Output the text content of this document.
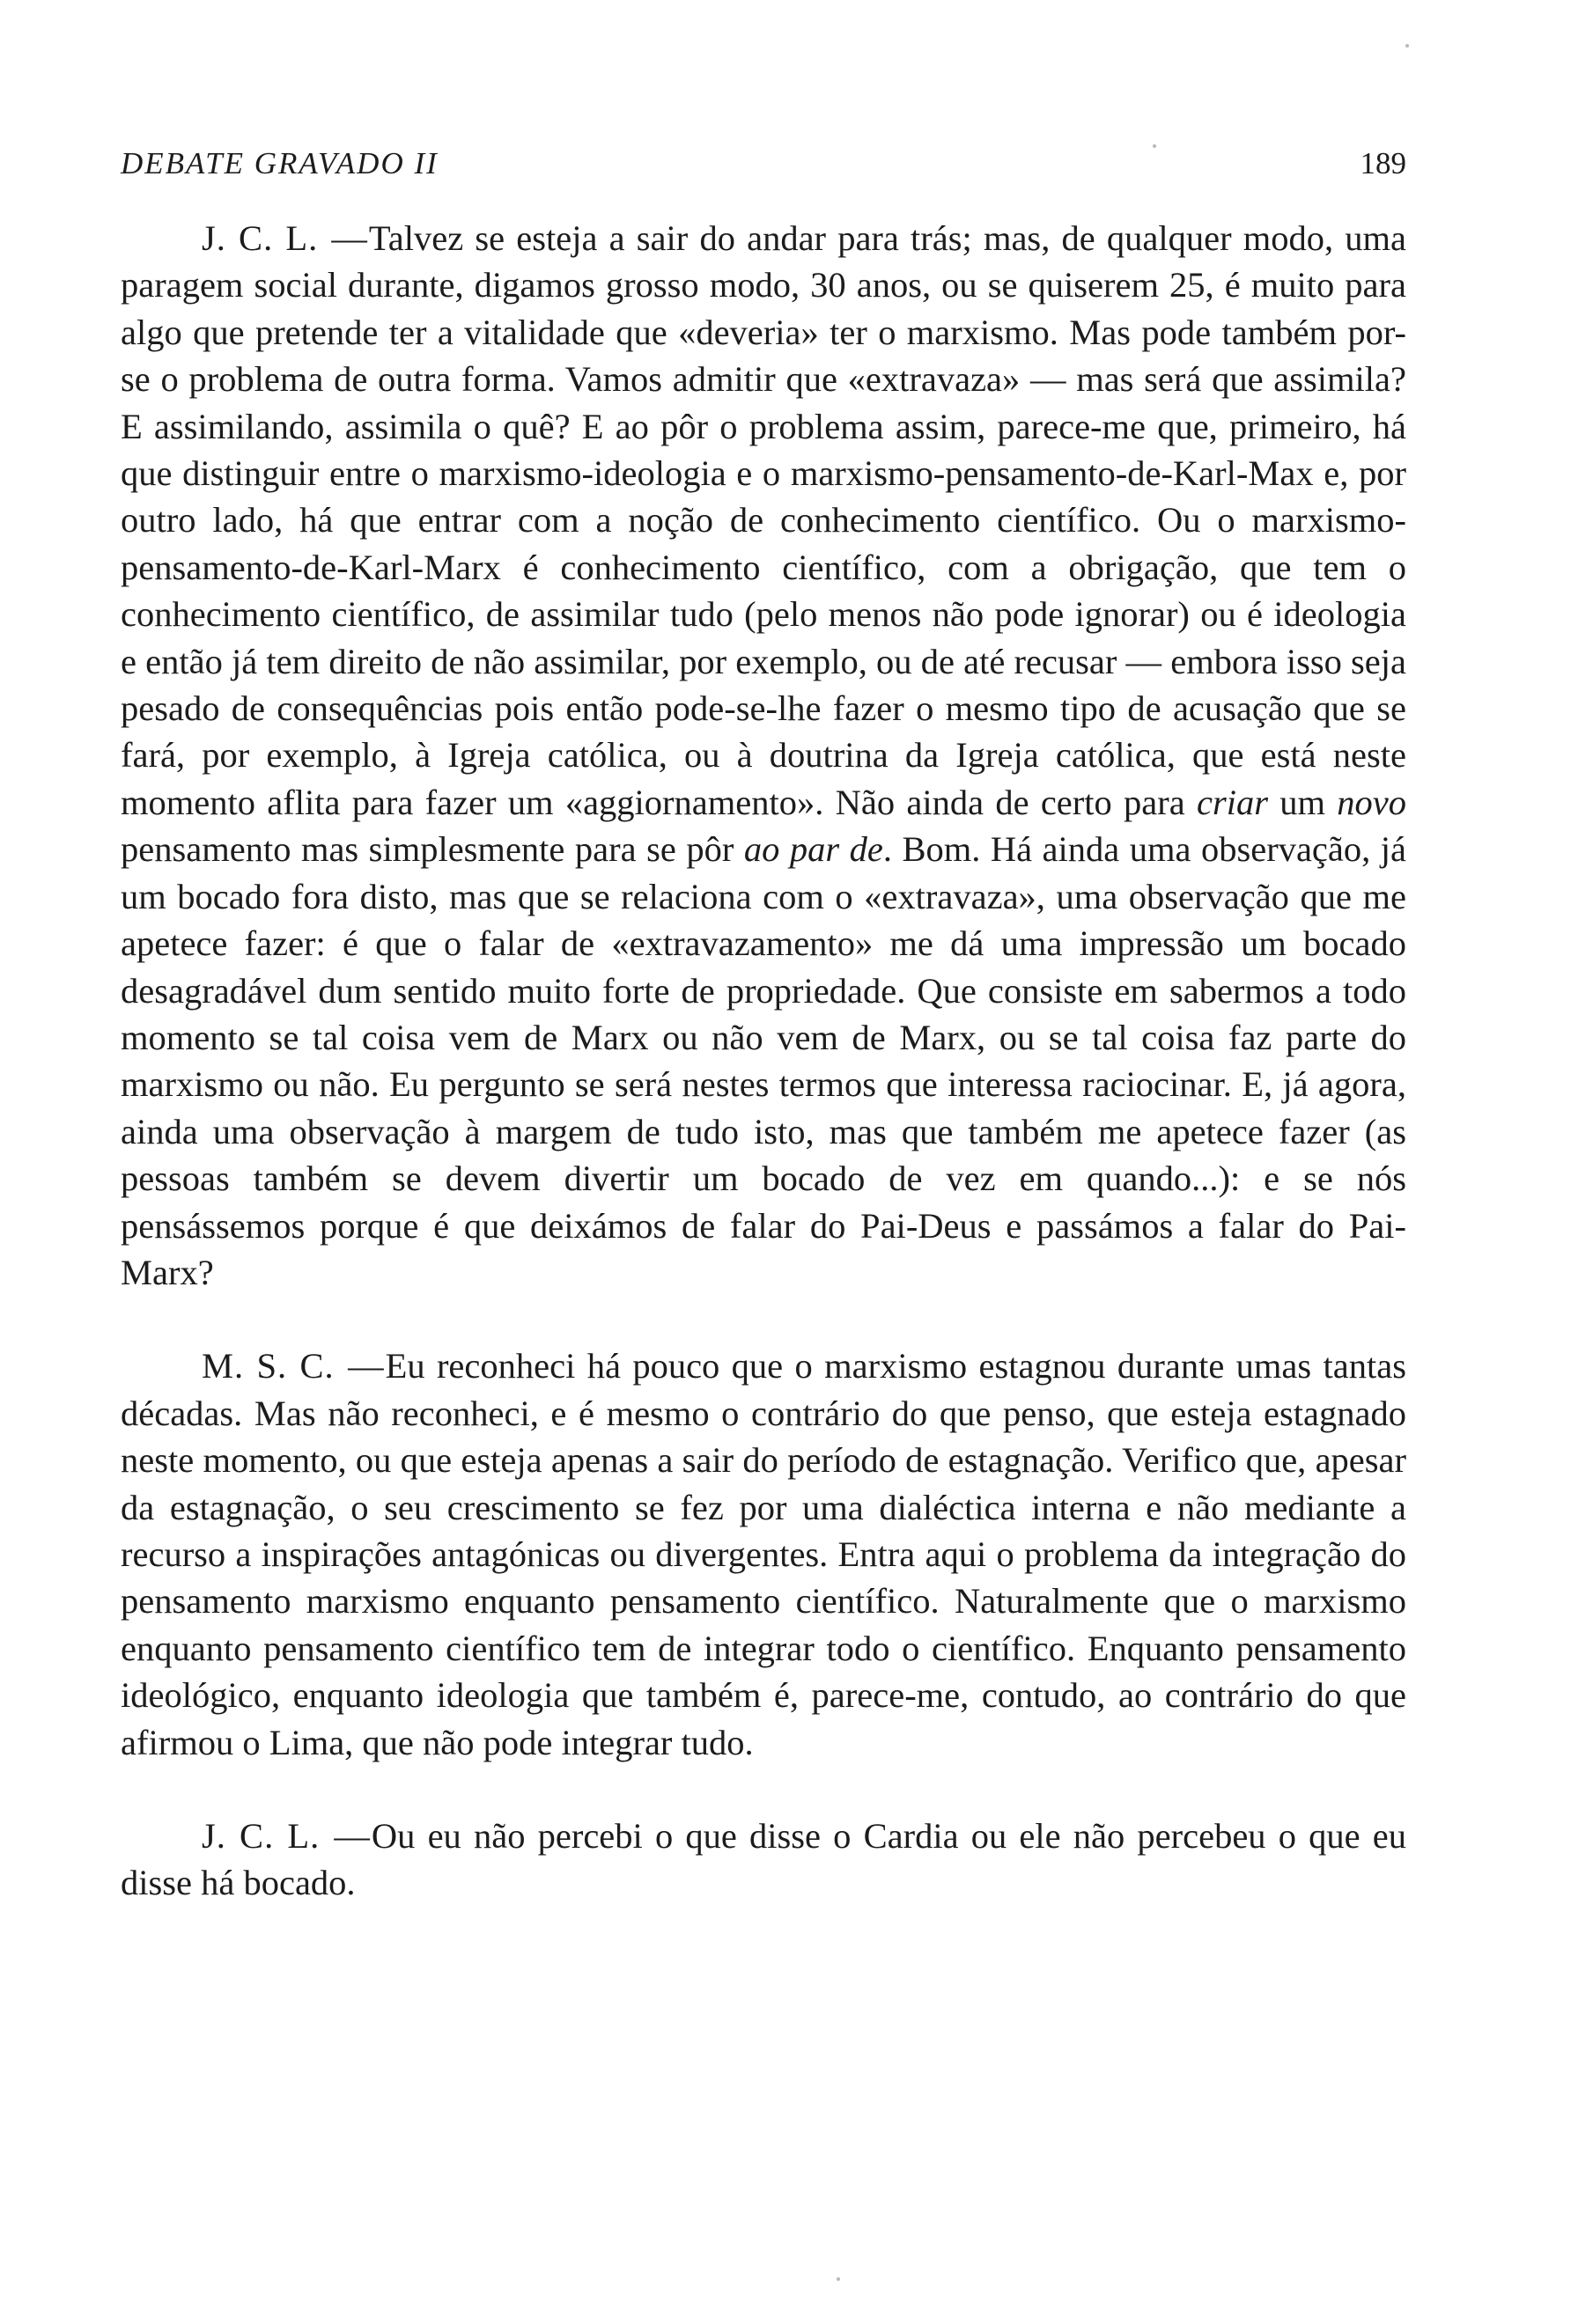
DEBATE GRAVADO II	189

J. C. L. —Talvez se esteja a sair do andar para trás; mas, de qualquer modo, uma paragem social durante, digamos grosso modo, 30 anos, ou se quiserem 25, é muito para algo que pretende ter a vitalidade que «deveria» ter o marxismo. Mas pode também por-se o problema de outra forma. Vamos admitir que «extravaza» — mas será que assimila? E assimilando, assimila o quê? E ao pôr o problema assim, parece-me que, primeiro, há que distinguir entre o marxismo-ideologia e o marxismo-pensamento-de-Karl-Max e, por outro lado, há que entrar com a noção de conhecimento científico. Ou o marxismo-pensamento-de-Karl-Marx é conhecimento científico, com a obrigação, que tem o conhecimento científico, de assimilar tudo (pelo menos não pode ignorar) ou é ideologia e então já tem direito de não assimilar, por exemplo, ou de até recusar — embora isso seja pesado de consequências pois então pode-se-lhe fazer o mesmo tipo de acusação que se fará, por exemplo, à Igreja católica, ou à doutrina da Igreja católica, que está neste momento aflita para fazer um «aggiornamento». Não ainda de certo para criar um novo pensamento mas simplesmente para se pôr ao par de. Bom. Há ainda uma observação, já um bocado fora disto, mas que se relaciona com o «extravaza», uma observação que me apetece fazer: é que o falar de «extravazamento» me dá uma impressão um bocado desagradável dum sentido muito forte de propriedade. Que consiste em sabermos a todo momento se tal coisa vem de Marx ou não vem de Marx, ou se tal coisa faz parte do marxismo ou não. Eu pergunto se será nestes termos que interessa raciocinar. E, já agora, ainda uma observação à margem de tudo isto, mas que também me apetece fazer (as pessoas também se devem divertir um bocado de vez em quando...): e se nós pensássemos porque é que deixámos de falar do Pai-Deus e passámos a falar do Pai-Marx?

M. S. C. —Eu reconheci há pouco que o marxismo estagnou durante umas tantas décadas. Mas não reconheci, e é mesmo o contrário do que penso, que esteja estagnado neste momento, ou que esteja apenas a sair do período de estagnação. Verifico que, apesar da estagnação, o seu crescimento se fez por uma dialéctica interna e não mediante a recurso a inspirações antagónicas ou divergentes. Entra aqui o problema da integração do pensamento marxismo enquanto pensamento científico. Naturalmente que o marxismo enquanto pensamento científico tem de integrar todo o científico. Enquanto pensamento ideológico, enquanto ideologia que também é, parece-me, contudo, ao contrário do que afirmou o Lima, que não pode integrar tudo.

J. C. L. —Ou eu não percebi o que disse o Cardia ou ele não percebeu o que eu disse há bocado.
